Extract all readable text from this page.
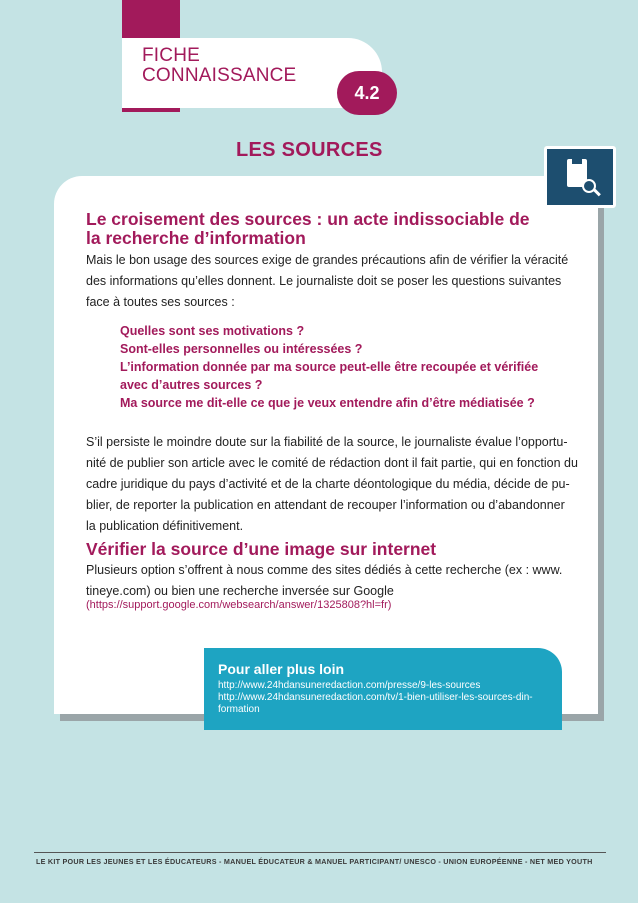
FICHE
CONNAISSANCE
4.2
LES SOURCES
Le croisement des sources : un acte indissociable de
la recherche d’information
Mais le bon usage des sources exige de grandes précautions afin de vérifier la véracité
des informations qu’elles donnent. Le journaliste doit se poser les questions suivantes
face à toutes ses sources :
Quelles sont ses motivations ?
Sont-elles personnelles ou intéressées ?
L’information donnée par ma source peut-elle être recoupée et vérifiée
avec d’autres sources ?
Ma source me dit-elle ce que je veux entendre afin d’être médiatisée ?
S’il persiste le moindre doute sur la fiabilité de la source, le journaliste évalue l’opportu-
nité de publier son article avec le comité de rédaction dont il fait partie, qui en fonction du
cadre juridique du pays d’activité et de la charte déontologique du média, décide de pu-
blier, de reporter la publication en attendant de recouper l’information ou d’abandonner
la publication définitivement.
Vérifier la source d’une image sur internet
Plusieurs option s’offrent à nous comme des sites dédiés à cette recherche (ex : www.
tineye.com) ou bien une recherche inversée sur Google
(https://support.google.com/websearch/answer/1325808?hl=fr)
Pour aller plus loin
http://www.24hdansuneredaction.com/presse/9-les-sources
http://www.24hdansuneredaction.com/tv/1-bien-utiliser-les-sources-din-
formation
LE KIT POUR LES JEUNES ET LES ÉDUCATEURS - MANUEL ÉDUCATEUR & MANUEL PARTICIPANT/ UNESCO - UNION EUROPÉENNE - NET MED YOUTH
